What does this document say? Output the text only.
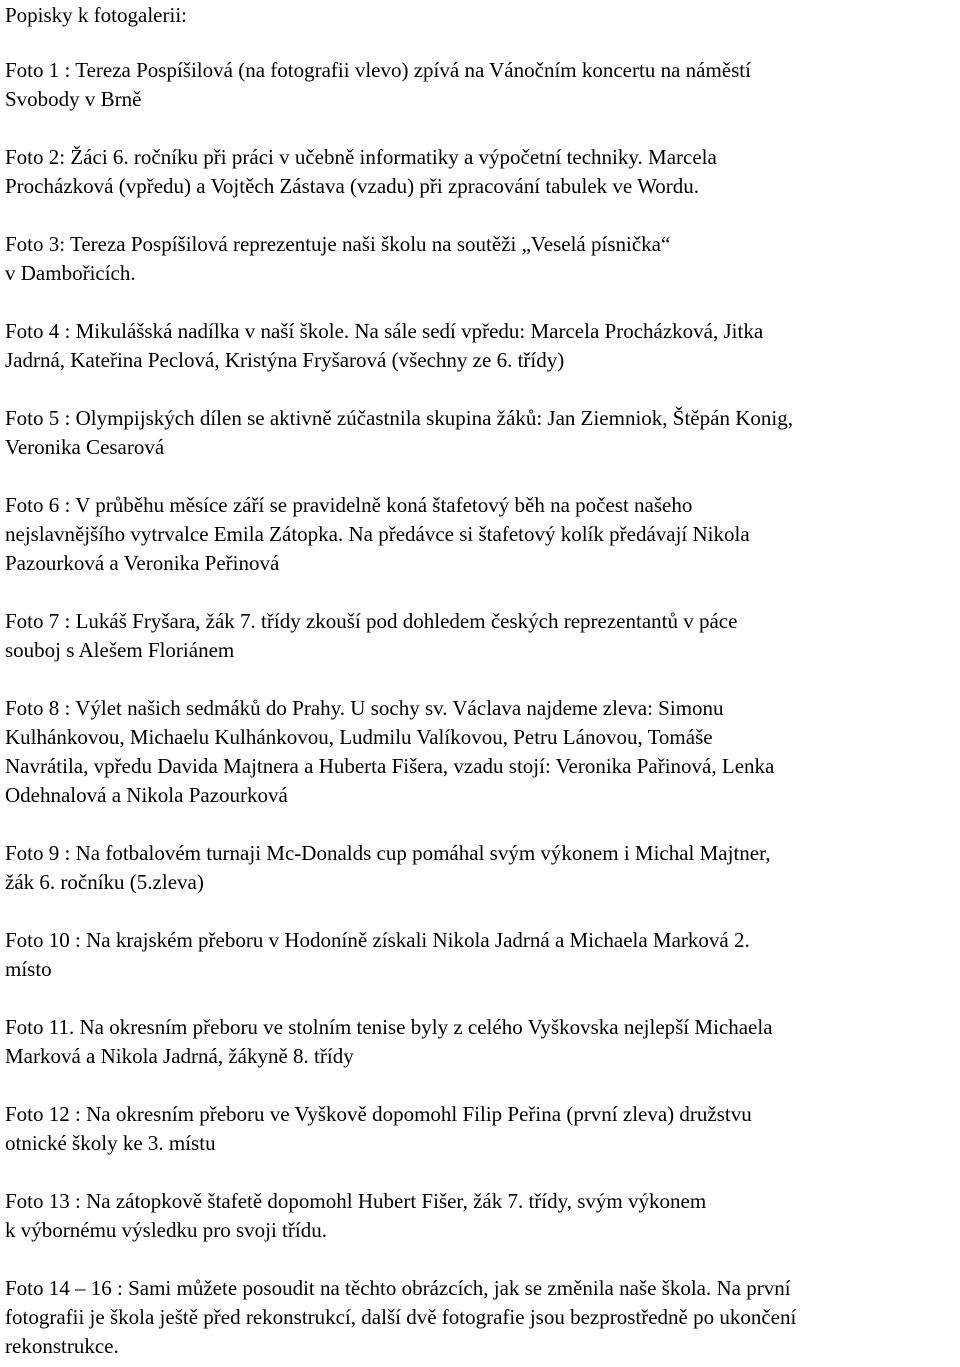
Popisky k fotogalerii:
Foto 1 : Tereza Pospíšilová (na fotografii vlevo) zpívá na Vánočním koncertu na náměstí
Svobody v Brně
Foto 2: Žáci 6. ročníku při práci v učebně informatiky a výpočetní techniky. Marcela
Procházková (vpředu) a Vojtěch Zástava (vzadu) při zpracování tabulek ve Wordu.
Foto 3: Tereza Pospíšilová reprezentuje naši školu na soutěži „Veselá písnička“
v Dambořicích.
Foto 4 : Mikulášská nadílka v naší škole. Na sále sedí vpředu: Marcela Procházková, Jitka
Jadrná, Kateřina Peclová, Kristýna Fryšarová (všechny ze 6. třídy)
Foto 5 : Olympijských dílen se aktivně zúčastnila skupina žáků: Jan Ziemniok, Štěpán Konig,
Veronika Cesarová
Foto 6 : V průběhu měsíce září se pravidelně koná štafetový běh na počest našeho
nejslavnějšího vytrvalce Emila Zátopka. Na předávce si štafetový kolík předávají Nikola
Pazourková a Veronika Peřinová
Foto 7 : Lukáš Fryšara, žák 7. třídy zkouší pod dohledem českých reprezentantů v páce
souboj s Alešem Floriánem
Foto 8 : Výlet našich sedmáků do Prahy. U sochy sv. Václava najdeme zleva: Simonu
Kulhánkovou, Michaelu Kulhánkovou, Ludmilu Valíkovou, Petru Lánovou, Tomáše
Navrátila, vpředu Davida Majtnera a Huberta Fišera, vzadu stojí: Veronika Pařinová, Lenka
Odehnalová a Nikola Pazourková
Foto 9 : Na fotbalovém turnaji Mc-Donalds cup pomáhal svým výkonem i Michal Majtner,
žák 6. ročníku (5.zleva)
Foto 10 : Na krajském přeboru v Hodoníně získali Nikola Jadrná a Michaela Marková 2.
místo
Foto 11. Na okresním přeboru ve stolním tenise byly z celého Vyškovska nejlepší Michaela
Marková a Nikola Jadrná, žákyně 8. třídy
Foto 12 : Na okresním přeboru ve Vyškově dopomohl Filip Peřina (první zleva) družstvu
otnické školy ke 3. místu
Foto 13 : Na zátopkově štafetě dopomohl Hubert Fišer, žák 7. třídy, svým výkonem
k výbornému výsledku pro svoji třídu.
Foto 14 – 16 : Sami můžete posoudit na těchto obrázcích, jak se změnila naše škola. Na první
fotografii je škola ještě před rekonstrukcí, další dvě fotografie jsou bezprostředně po ukončení
rekonstrukce.
